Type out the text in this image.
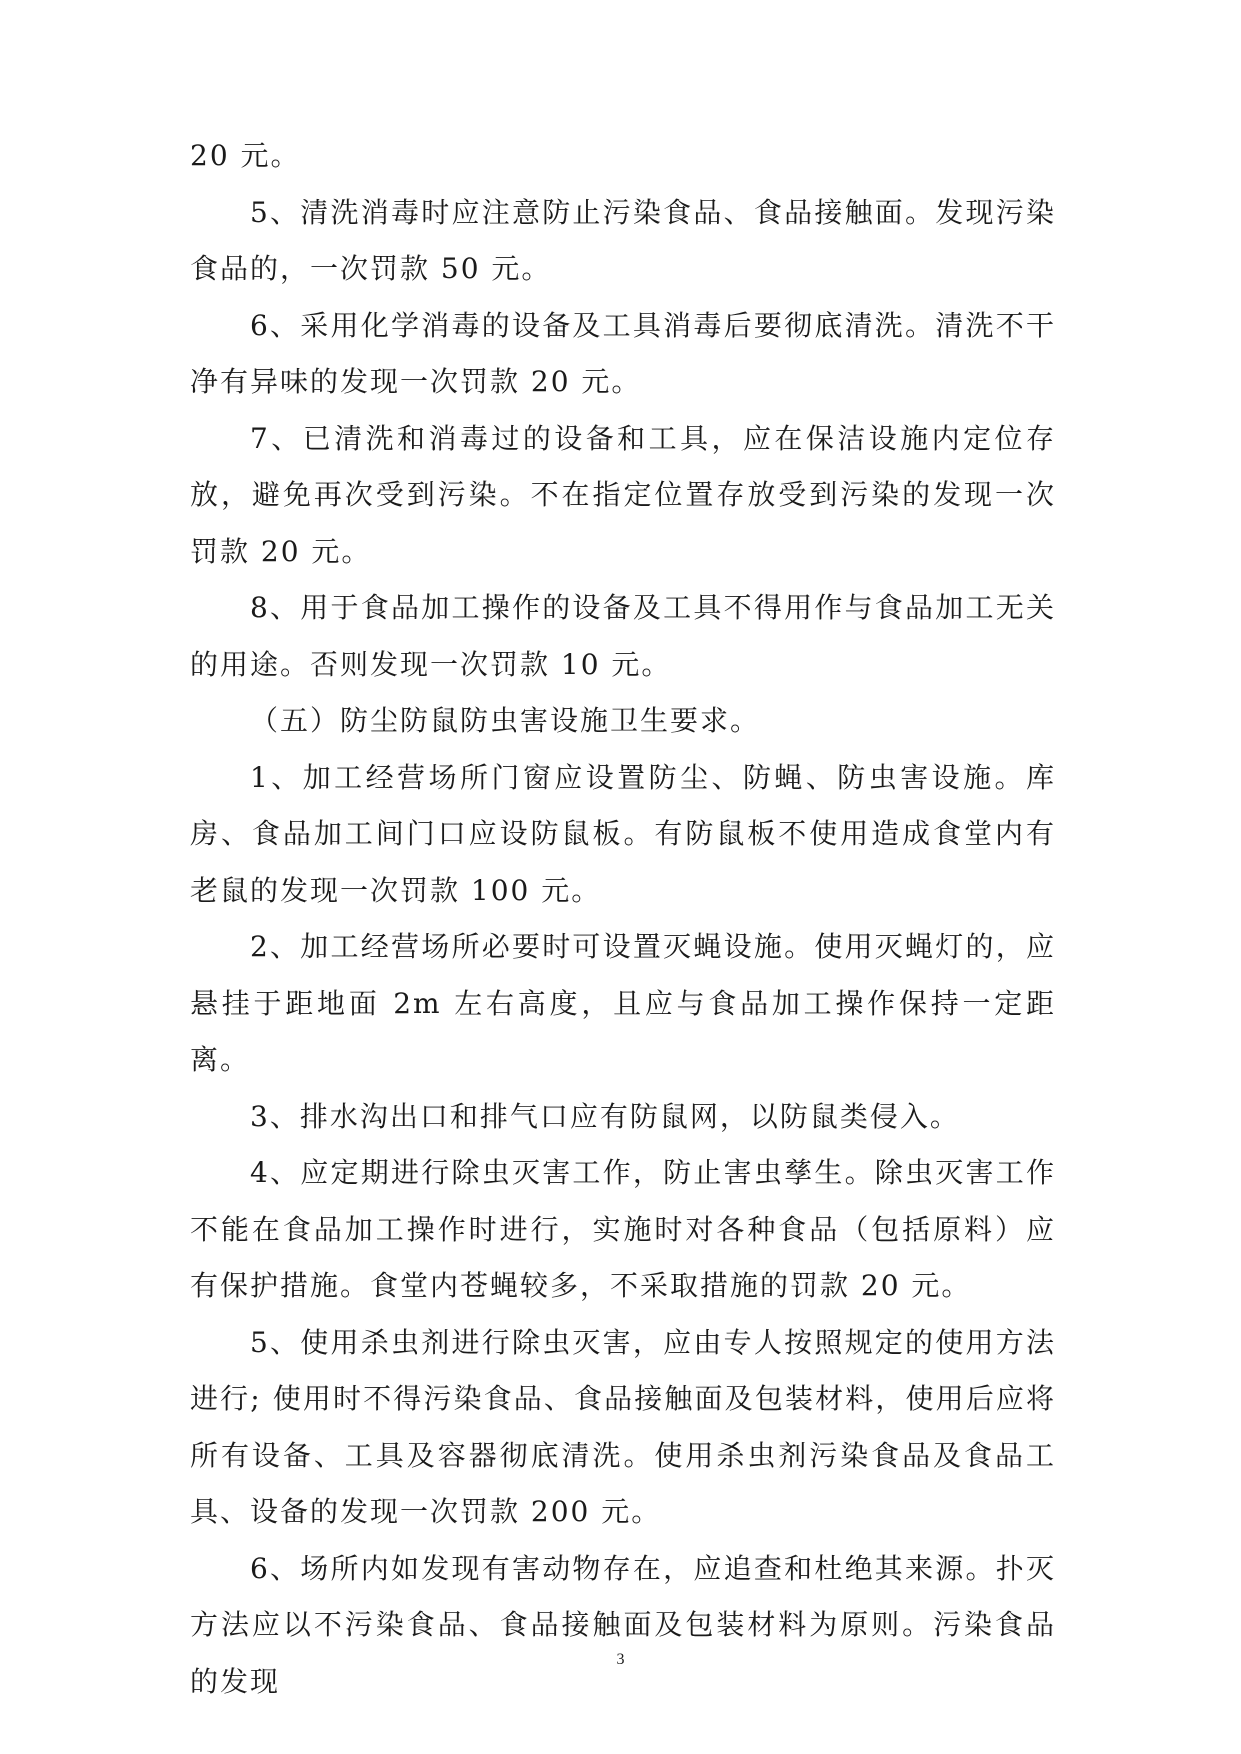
20 元。

5、清洗消毒时应注意防止污染食品、食品接触面。发现污染食品的，一次罚款 50 元。

6、采用化学消毒的设备及工具消毒后要彻底清洗。清洗不干净有异味的发现一次罚款 20 元。

7、已清洗和消毒过的设备和工具，应在保洁设施内定位存放，避免再次受到污染。不在指定位置存放受到污染的发现一次罚款 20 元。

8、用于食品加工操作的设备及工具不得用作与食品加工无关的用途。否则发现一次罚款 10 元。

（五）防尘防鼠防虫害设施卫生要求。

1、加工经营场所门窗应设置防尘、防蝇、防虫害设施。库房、食品加工间门口应设防鼠板。有防鼠板不使用造成食堂内有老鼠的发现一次罚款 100 元。

2、加工经营场所必要时可设置灭蝇设施。使用灭蝇灯的，应悬挂于距地面 2m 左右高度，且应与食品加工操作保持一定距离。

3、排水沟出口和排气口应有防鼠网，以防鼠类侵入。

4、应定期进行除虫灭害工作，防止害虫孳生。除虫灭害工作不能在食品加工操作时进行，实施时对各种食品（包括原料）应有保护措施。食堂内苍蝇较多，不采取措施的罚款 20 元。

5、使用杀虫剂进行除虫灭害，应由专人按照规定的使用方法进行; 使用时不得污染食品、食品接触面及包装材料，使用后应将所有设备、工具及容器彻底清洗。使用杀虫剂污染食品及食品工具、设备的发现一次罚款 200 元。

6、场所内如发现有害动物存在，应追查和杜绝其来源。扑灭方法应以不污染食品、食品接触面及包装材料为原则。污染食品的发现

3
